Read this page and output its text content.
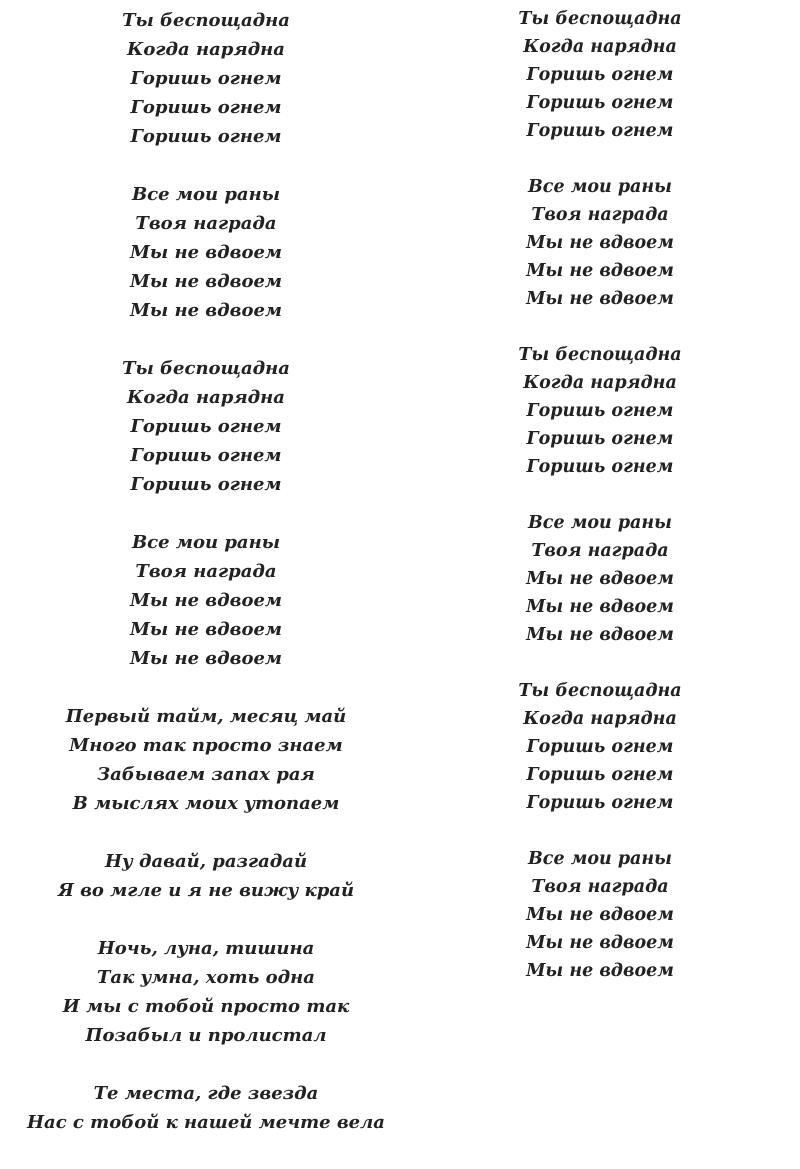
Ты беспощадна
Когда нарядна
Горишь огнем
Горишь огнем
Горишь огнем
Все мои раны
Твоя награда
Мы не вдвоем
Мы не вдвоем
Мы не вдвоем
Ты беспощадна
Когда нарядна
Горишь огнем
Горишь огнем
Горишь огнем
Все мои раны
Твоя награда
Мы не вдвоем
Мы не вдвоем
Мы не вдвоем
Первый тайм, месяц май
Много так просто знаем
Забываем запах рая
В мыслях моих утопаем
Ну давай, разгадай
Я во мгле и я не вижу край
Ночь, луна, тишина
Так умна, хоть одна
И мы с тобой просто так
Позабыл и пролистал
Те места, где звезда
Нас с тобой к нашей мечте вела
Ты беспощадна
Когда нарядна
Горишь огнем
Горишь огнем
Горишь огнем
Все мои раны
Твоя награда
Мы не вдвоем
Мы не вдвоем
Мы не вдвоем
Ты беспощадна
Когда нарядна
Горишь огнем
Горишь огнем
Горишь огнем
Все мои раны
Твоя награда
Мы не вдвоем
Мы не вдвоем
Мы не вдвоем
Ты беспощадна
Когда нарядна
Горишь огнем
Горишь огнем
Горишь огнем
Все мои раны
Твоя награда
Мы не вдвоем
Мы не вдвоем
Мы не вдвоем
